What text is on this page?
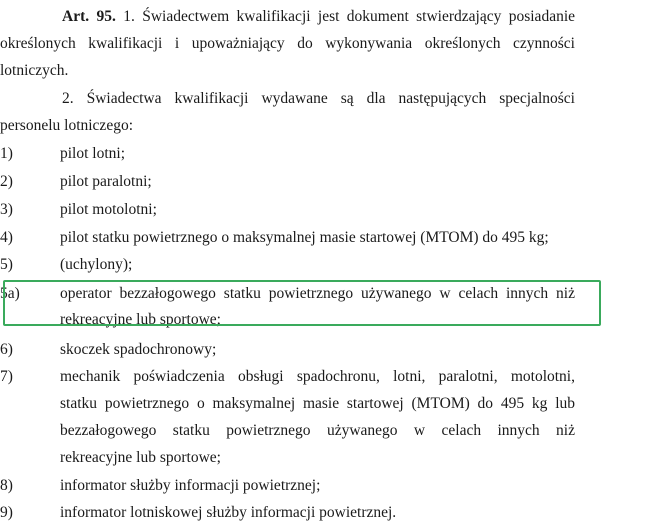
Art. 95. 1. Świadectwem kwalifikacji jest dokument stwierdzający posiadanie
określonych kwalifikacji i upoważniający do wykonywania określonych czynności
lotniczych.
2. Świadectwa kwalifikacji wydawane są dla następujących specjalności
personelu lotniczego:
1)	pilot lotni;
2)	pilot paralotni;
3)	pilot motolotni;
4)	pilot statku powietrznego o maksymalnej masie startowej (MTOM) do 495 kg;
5)	(uchylony);
5a)	operator bezzałogowego statku powietrznego używanego w celach innych niż
rekreacyjne lub sportowe;
6)	skoczek spadochronowy;
7)	mechanik poświadczenia obsługi spadochronu, lotni, paralotni, motolotni,
statku powietrznego o maksymalnej masie startowej (MTOM) do 495 kg lub
bezzałogowego statku powietrznego używanego w celach innych niż
rekreacyjne lub sportowe;
8)	informator służby informacji powietrznej;
9)	informator lotniskowej służby informacji powietrznej.
